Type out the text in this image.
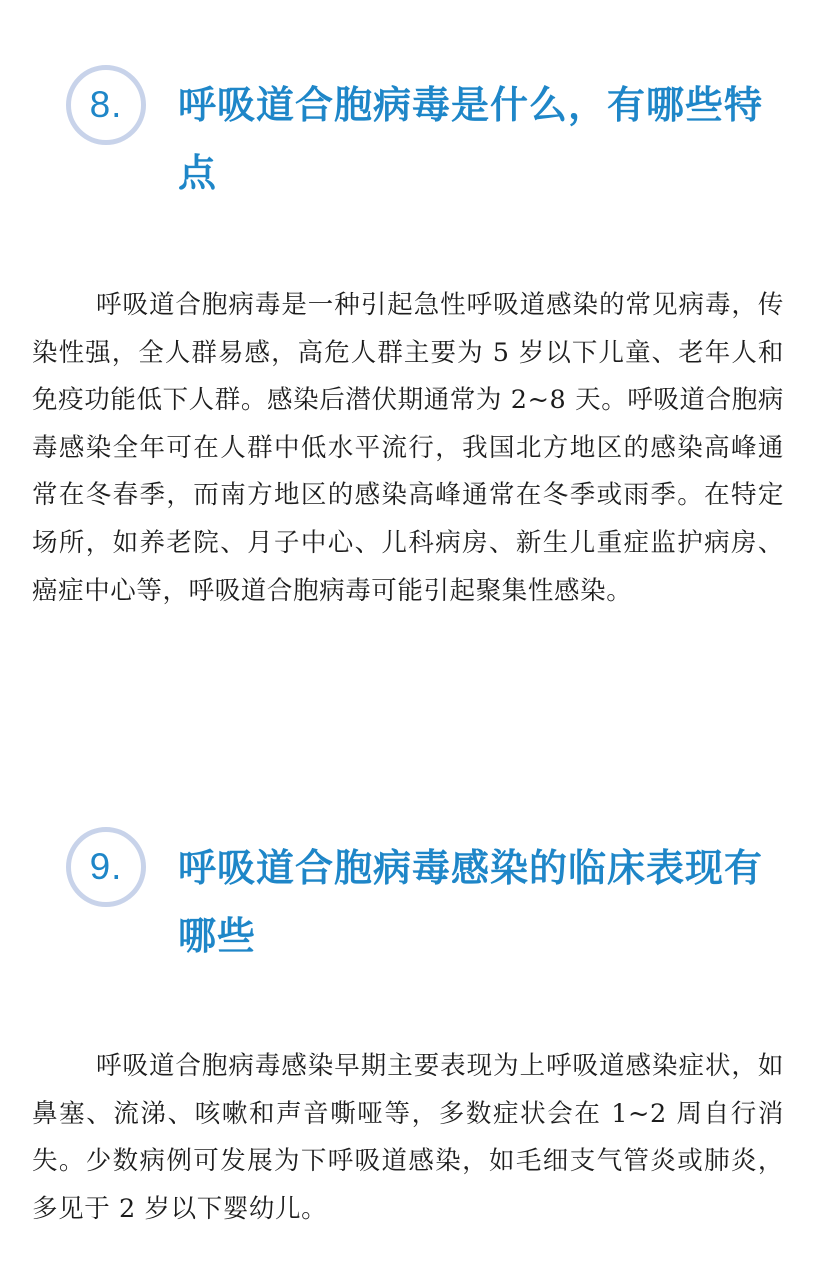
8. 呼吸道合胞病毒是什么，有哪些特点

呼吸道合胞病毒是一种引起急性呼吸道感染的常见病毒，传染性强，全人群易感，高危人群主要为 5 岁以下儿童、老年人和免疫功能低下人群。感染后潜伏期通常为 2~8 天。呼吸道合胞病毒感染全年可在人群中低水平流行，我国北方地区的感染高峰通常在冬春季，而南方地区的感染高峰通常在冬季或雨季。在特定场所，如养老院、月子中心、儿科病房、新生儿重症监护病房、癌症中心等，呼吸道合胞病毒可能引起聚集性感染。

9. 呼吸道合胞病毒感染的临床表现有哪些

呼吸道合胞病毒感染早期主要表现为上呼吸道感染症状，如鼻塞、流涕、咳嗽和声音嘶哑等，多数症状会在 1~2 周自行消失。少数病例可发展为下呼吸道感染，如毛细支气管炎或肺炎，多见于 2 岁以下婴幼儿。
